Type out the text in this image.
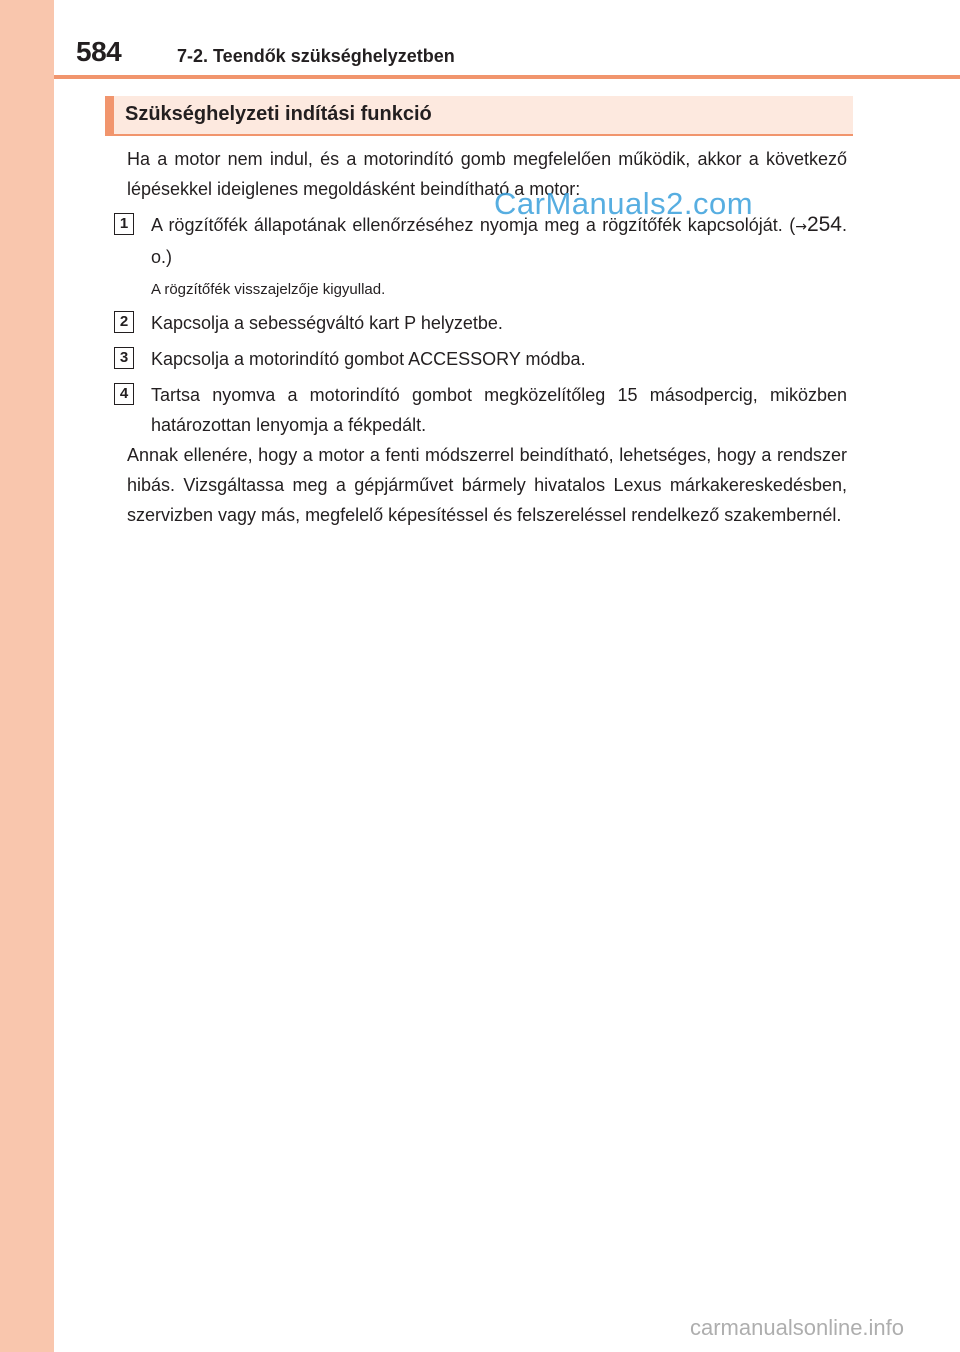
584	7-2. Teendők szükséghelyzetben
Szükséghelyzeti indítási funkció

Ha a motor nem indul, és a motorindító gomb megfelelően működik, akkor a következő lépésekkel ideiglenes megoldásként beindítható a motor:

1	A rögzítőfék állapotának ellenőrzéséhez nyomja meg a rögzítőfék kapcsolóját. (→254. o.)
A rögzítőfék visszajelzője kigyullad.
2	Kapcsolja a sebességváltó kart P helyzetbe.
3	Kapcsolja a motorindító gombot ACCESSORY módba.
4	Tartsa nyomva a motorindító gombot megközelítőleg 15 másodpercig, miközben határozottan lenyomja a fékpedált.

Annak ellenére, hogy a motor a fenti módszerrel beindítható, lehetséges, hogy a rendszer hibás. Vizsgáltassa meg a gépjárművet bármely hivatalos Lexus márkakereskedésben, szervizben vagy más, megfelelő képesítéssel és felszereléssel rendelkező szakembernél.

CarManuals2.com
carmanualsonline.info
